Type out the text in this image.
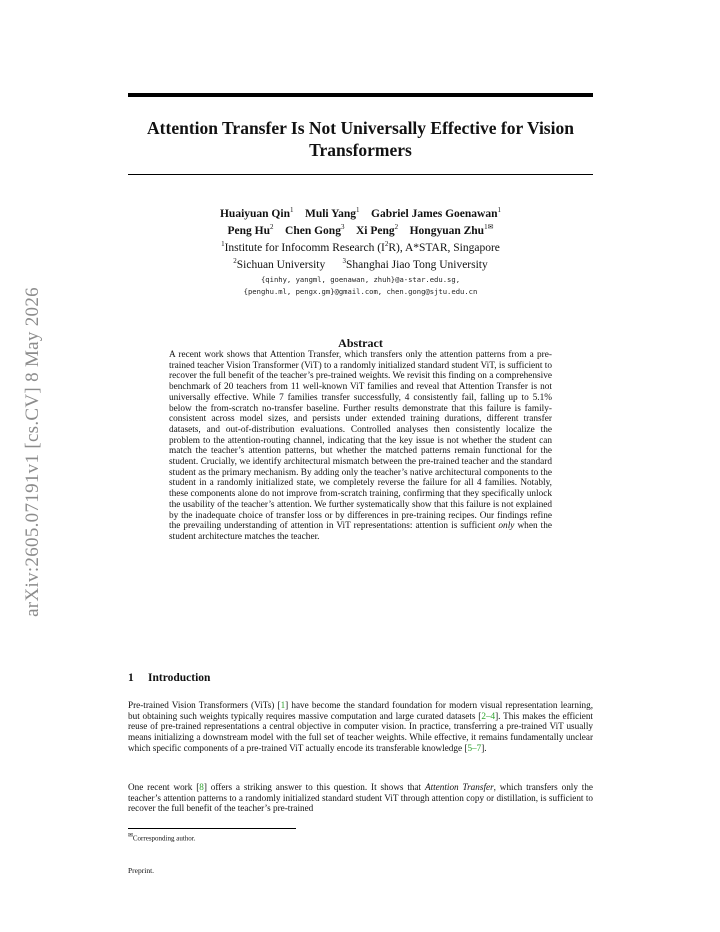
arXiv:2605.07191v1 [cs.CV] 8 May 2026
Attention Transfer Is Not Universally Effective for Vision Transformers
Huaiyuan Qin$^1$ Muli Yang$^1$ Gabriel James Goenawan$^1$
Peng Hu$^2$ Chen Gong$^3$ Xi Peng$^2$ Hongyuan Zhu$^{1✉}$
$^1$Institute for Infocomm Research $(I^2R)$, A*STAR, Singapore
$^2$Sichuan University $^3$Shanghai Jiao Tong University
{qinhy, yangml, goenawan, zhuh}@a-star.edu.sg,
{penghu.ml, pengx.gm}@gmail.com, chen.gong@sjtu.edu.cn
Abstract
A recent work shows that Attention Transfer, which transfers only the attention patterns from a pre-trained teacher Vision Transformer (ViT) to a randomly initialized standard student ViT, is sufficient to recover the full benefit of the teacher’s pre-trained weights. We revisit this finding on a comprehensive benchmark of 20 teachers from 11 well-known ViT families and reveal that Attention Transfer is not universally effective. While 7 families transfer successfully, 4 consistently fail, falling up to 5.1% below the from-scratch no-transfer baseline. Further results demonstrate that this failure is family-consistent across model sizes, and persists under extended training durations, different transfer datasets, and out-of-distribution evaluations. Controlled analyses then consistently localize the problem to the attention-routing channel, indicating that the key issue is not whether the student can match the teacher’s attention patterns, but whether the matched patterns remain functional for the student. Crucially, we identify architectural mismatch between the pre-trained teacher and the standard student as the primary mechanism. By adding only the teacher’s native architectural components to the student in a randomly initialized state, we completely reverse the failure for all 4 families. Notably, these components alone do not improve from-scratch training, confirming that they specifically unlock the usability of the teacher’s attention. We further systematically show that this failure is not explained by the inadequate choice of transfer loss or by differences in pre-training recipes. Our findings refine the prevailing understanding of attention in ViT representations: attention is sufficient only when the student architecture matches the teacher.
1 Introduction
Pre-trained Vision Transformers (ViTs) [1] have become the standard foundation for modern visual representation learning, but obtaining such weights typically requires massive computation and large curated datasets [2–4]. This makes the efficient reuse of pre-trained representations a central objective in computer vision. In practice, transferring a pre-trained ViT usually means initializing a downstream model with the full set of teacher weights. While effective, it remains fundamentally unclear which specific components of a pre-trained ViT actually encode its transferable knowledge [5–7].
One recent work [8] offers a striking answer to this question. It shows that Attention Transfer, which transfers only the teacher’s attention patterns to a randomly initialized standard student ViT through attention copy or distillation, is sufficient to recover the full benefit of the teacher’s pre-trained
✉Corresponding author.
Preprint.
